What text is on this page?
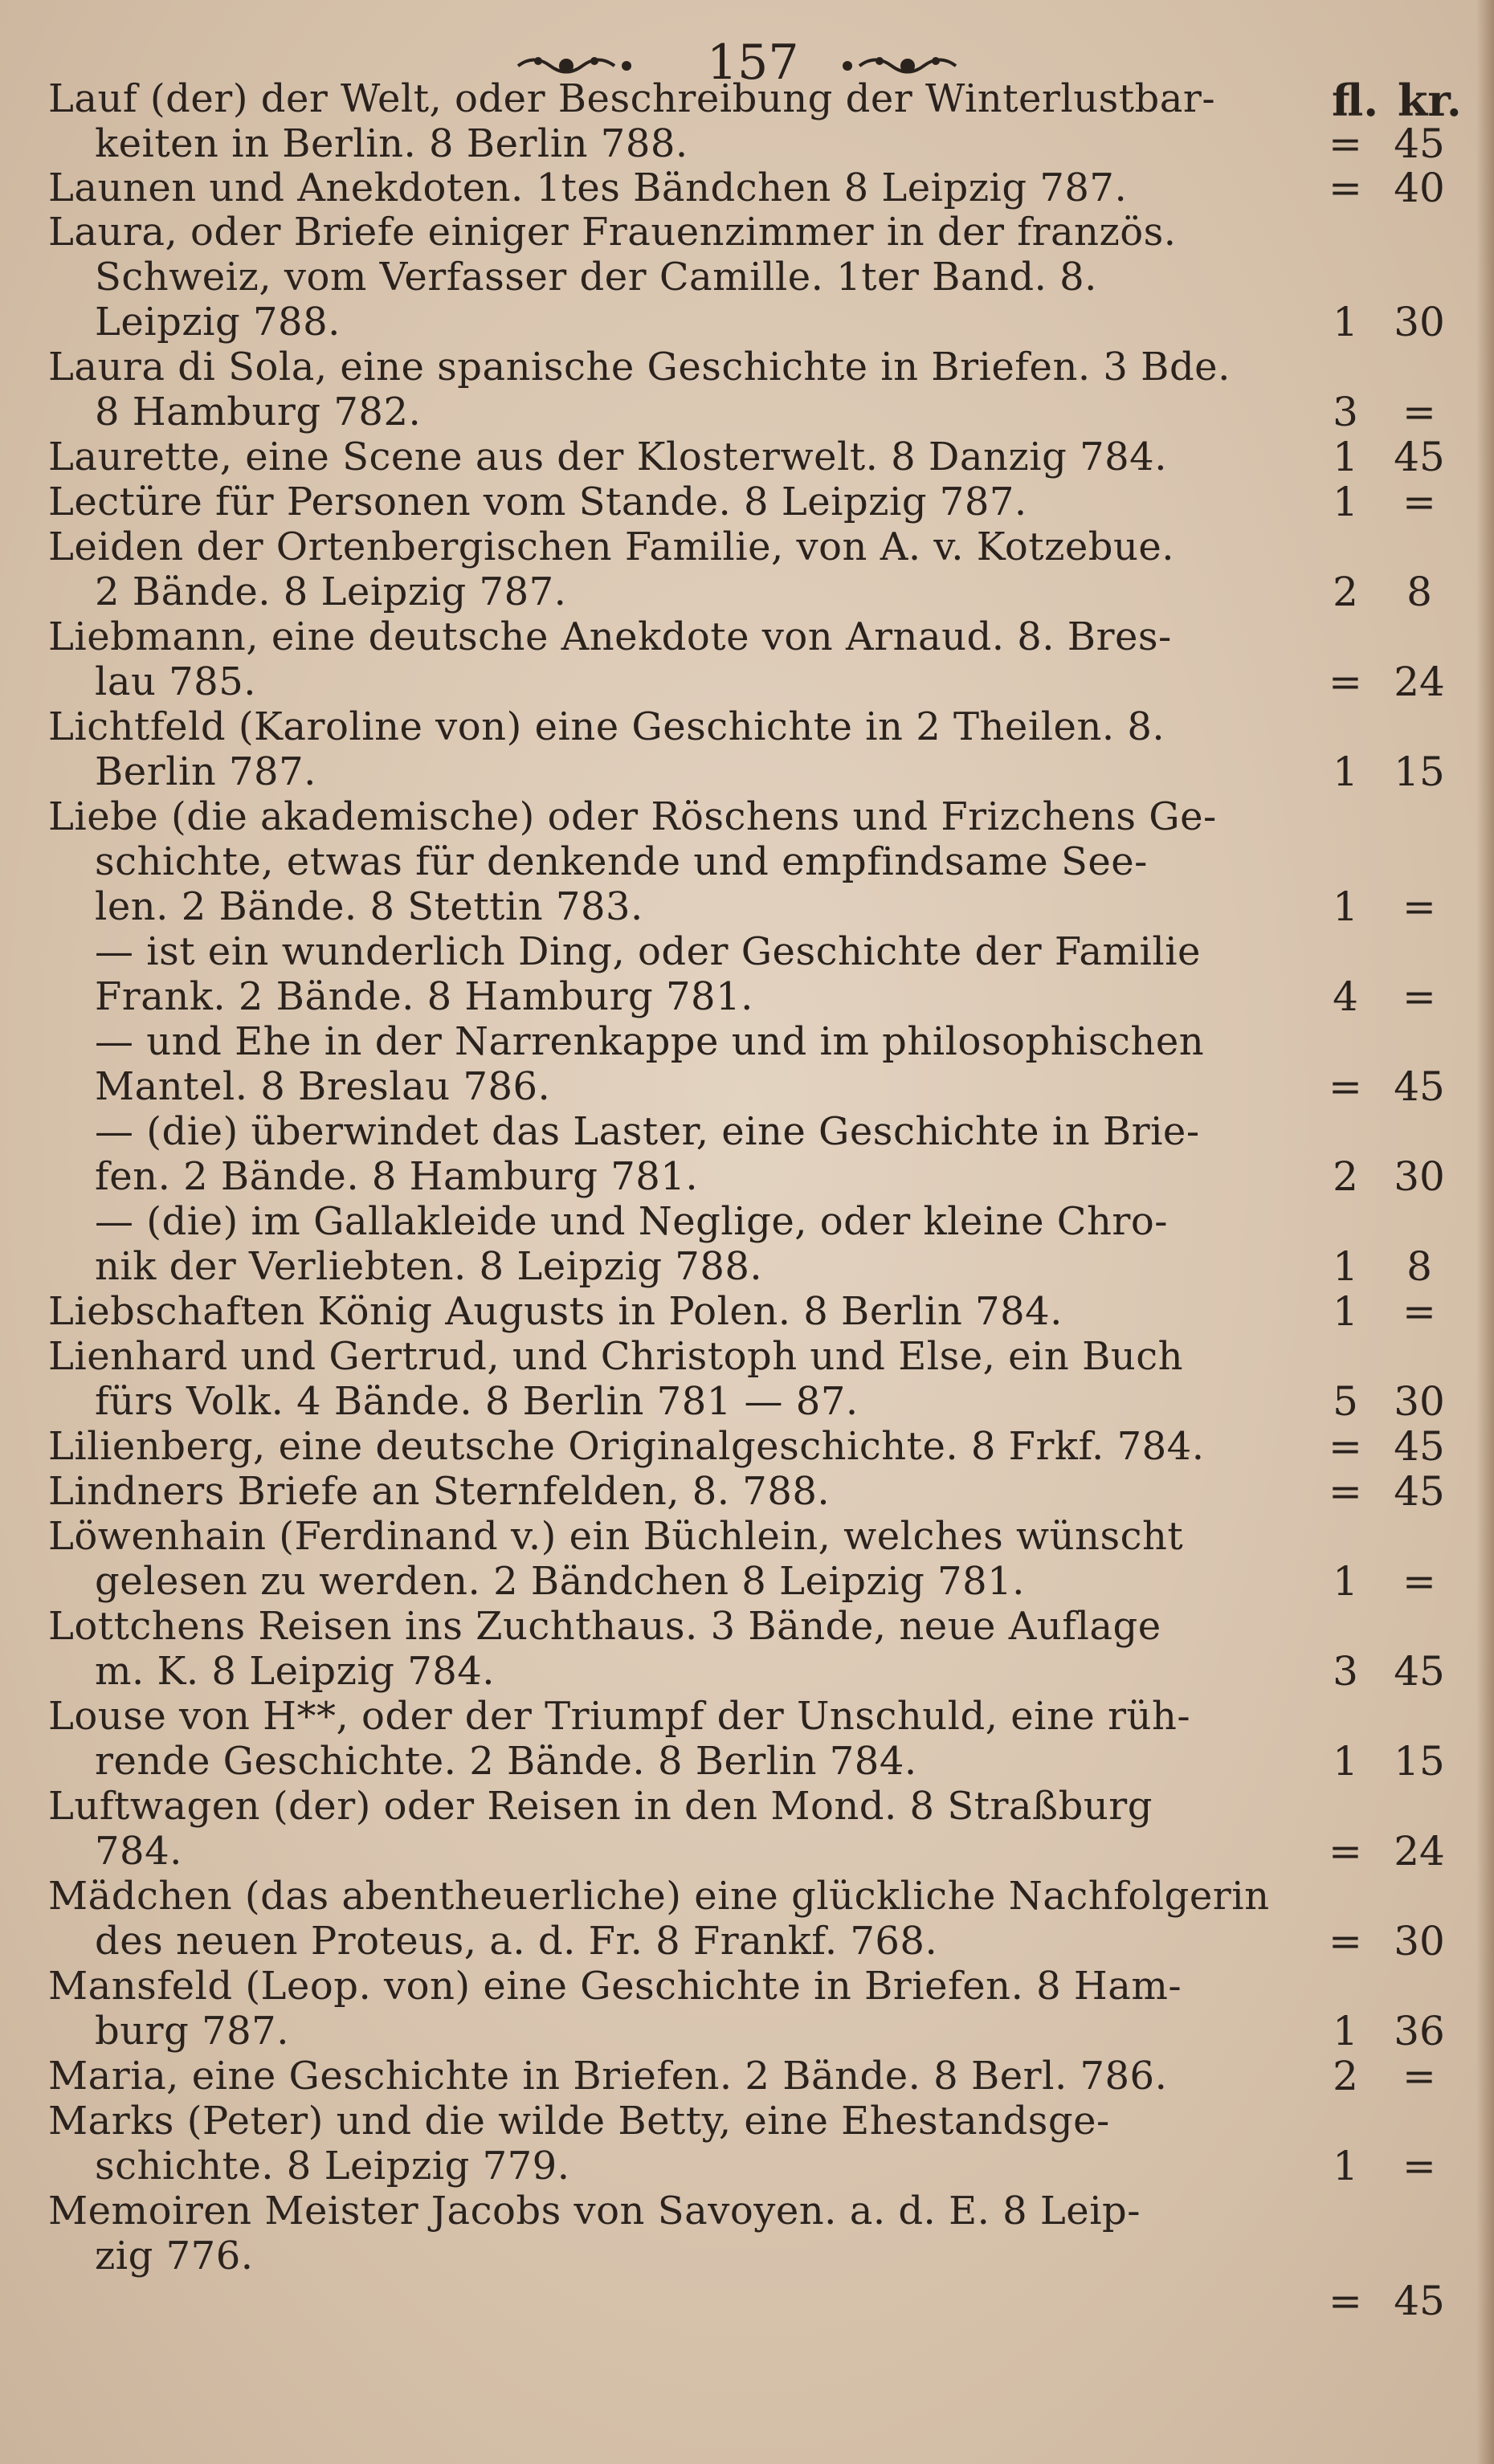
157
fl. kr.
Lauf (der) der Welt, oder Beschreibung der Winterlustbar-
keiten in Berlin. 8 Berlin 788.	= 45
Launen und Anekdoten. 1tes Bändchen 8 Leipzig 787.	= 40
Laura, oder Briefe einiger Frauenzimmer in der französ.
Schweiz, vom Verfasser der Camille. 1ter Band. 8.
Leipzig 788.	1 30
Laura di Sola, eine spanische Geschichte in Briefen. 3 Bde.
8 Hamburg 782.	3	=
Laurette, eine Scene aus der Klosterwelt. 8 Danzig 784.	1 45
Lectüre für Personen vom Stande. 8 Leipzig 787.	1	=
Leiden der Ortenbergischen Familie, von A. v. Kotzebue.
2 Bände. 8 Leipzig 787.	2	8
Liebmann, eine deutsche Anekdote von Arnaud. 8. Bres-
lau 785.	= 24
Lichtfeld (Karoline von) eine Geschichte in 2 Theilen. 8.
Berlin 787.	1 15
Liebe (die akademische) oder Röschens und Frizchens Ge-
schichte, etwas für denkende und empfindsame See-
len. 2 Bände. 8 Stettin 783.	1	=
— ist ein wunderlich Ding, oder Geschichte der Familie
Frank. 2 Bände. 8 Hamburg 781.	4	=
— und Ehe in der Narrenkappe und im philosophischen
Mantel. 8 Breslau 786.	= 45
— (die) überwindet das Laster, eine Geschichte in Brie-
fen. 2 Bände. 8 Hamburg 781.	2 30
— (die) im Gallakleide und Neglige, oder kleine Chro-
nik der Verliebten. 8 Leipzig 788.	1	8
Liebschaften König Augusts in Polen. 8 Berlin 784.	1	=
Lienhard und Gertrud, und Christoph und Else, ein Buch
fürs Volk. 4 Bände. 8 Berlin 781 — 87.	5 30
Lilienberg, eine deutsche Originalgeschichte. 8 Frkf. 784.	= 45
Lindners Briefe an Sternfelden, 8. 788.	= 45
Löwenhain (Ferdinand v.) ein Büchlein, welches wünscht
gelesen zu werden. 2 Bändchen 8 Leipzig 781.	1	=
Lottchens Reisen ins Zuchthaus. 3 Bände, neue Auflage
m. K. 8 Leipzig 784.	3 45
Louse von H**, oder der Triumpf der Unschuld, eine rüh-
rende Geschichte. 2 Bände. 8 Berlin 784.	1 15
Luftwagen (der) oder Reisen in den Mond. 8 Straßburg
784.	= 24
Mädchen (das abentheuerliche) eine glückliche Nachfolgerin
des neuen Proteus, a. d. Fr. 8 Frankf. 768.	= 30
Mansfeld (Leop. von) eine Geschichte in Briefen. 8 Ham-
burg 787.	1 36
Maria, eine Geschichte in Briefen. 2 Bände. 8 Berl. 786.	2	=
Marks (Peter) und die wilde Betty, eine Ehestandsge-
schichte. 8 Leipzig 779.	1	=
Memoiren Meister Jacobs von Savoyen. a. d. E. 8 Leip-
zig 776.
= 45
